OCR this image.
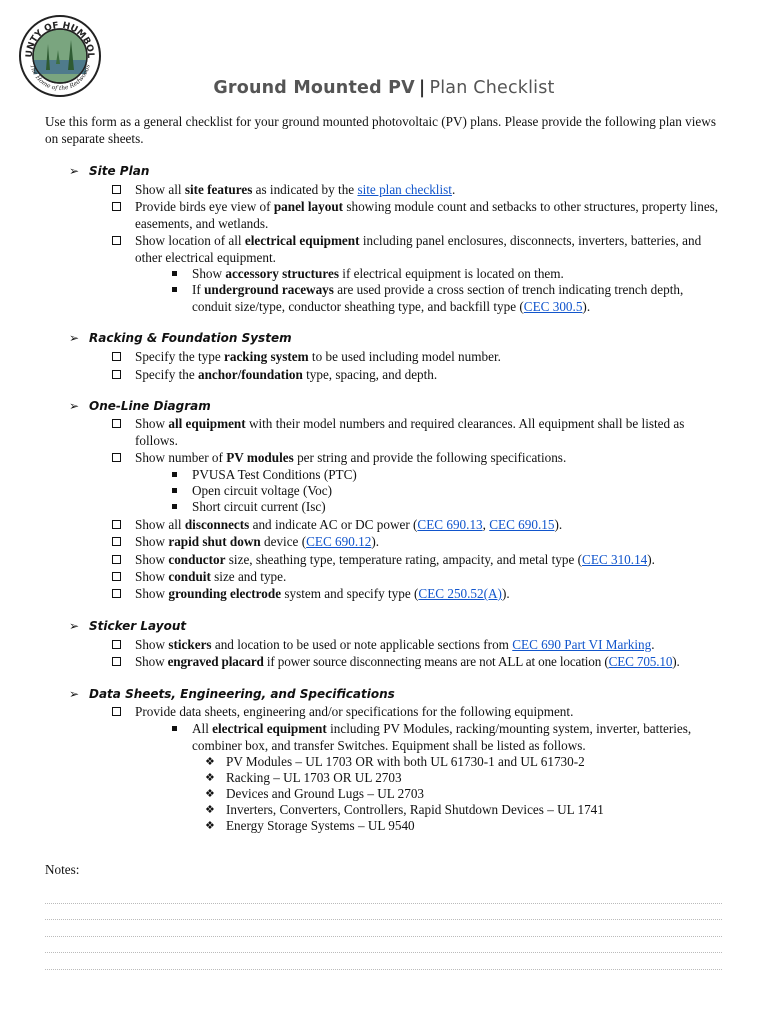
UNTY OF HUMBOL
The Home of the Redwoods
Ground Mounted PV | Plan Checklist
Use this form as a general checklist for your ground mounted photovoltaic (PV) plans. Please provide the following plan views on separate sheets.
➢ Site Plan
Show all site features as indicated by the site plan checklist.
Provide birds eye view of panel layout showing module count and setbacks to other structures, property lines, easements, and wetlands.
Show location of all electrical equipment including panel enclosures, disconnects, inverters, batteries, and other electrical equipment.
Show accessory structures if electrical equipment is located on them.
If underground raceways are used provide a cross section of trench indicating trench depth, conduit size/type, conductor sheathing type, and backfill type (CEC 300.5).
➢ Racking & Foundation System
Specify the type racking system to be used including model number.
Specify the anchor/foundation type, spacing, and depth.
➢ One-Line Diagram
Show all equipment with their model numbers and required clearances. All equipment shall be listed as follows.
Show number of PV modules per string and provide the following specifications.
PVUSA Test Conditions (PTC)
Open circuit voltage (Voc)
Short circuit current (Isc)
Show all disconnects and indicate AC or DC power (CEC 690.13, CEC 690.15).
Show rapid shut down device (CEC 690.12).
Show conductor size, sheathing type, temperature rating, ampacity, and metal type (CEC 310.14).
Show conduit size and type.
Show grounding electrode system and specify type (CEC 250.52(A)).
➢ Sticker Layout
Show stickers and location to be used or note applicable sections from CEC 690 Part VI Marking.
Show engraved placard if power source disconnecting means are not ALL at one location (CEC 705.10).
➢ Data Sheets, Engineering, and Specifications
Provide data sheets, engineering and/or specifications for the following equipment.
All electrical equipment including PV Modules, racking/mounting system, inverter, batteries, combiner box, and transfer Switches. Equipment shall be listed as follows.
❖ PV Modules – UL 1703 OR with both UL 61730-1 and UL 61730-2
❖ Racking – UL 1703 OR UL 2703
❖ Devices and Ground Lugs – UL 2703
❖ Inverters, Converters, Controllers, Rapid Shutdown Devices – UL 1741
❖ Energy Storage Systems – UL 9540
Notes:
